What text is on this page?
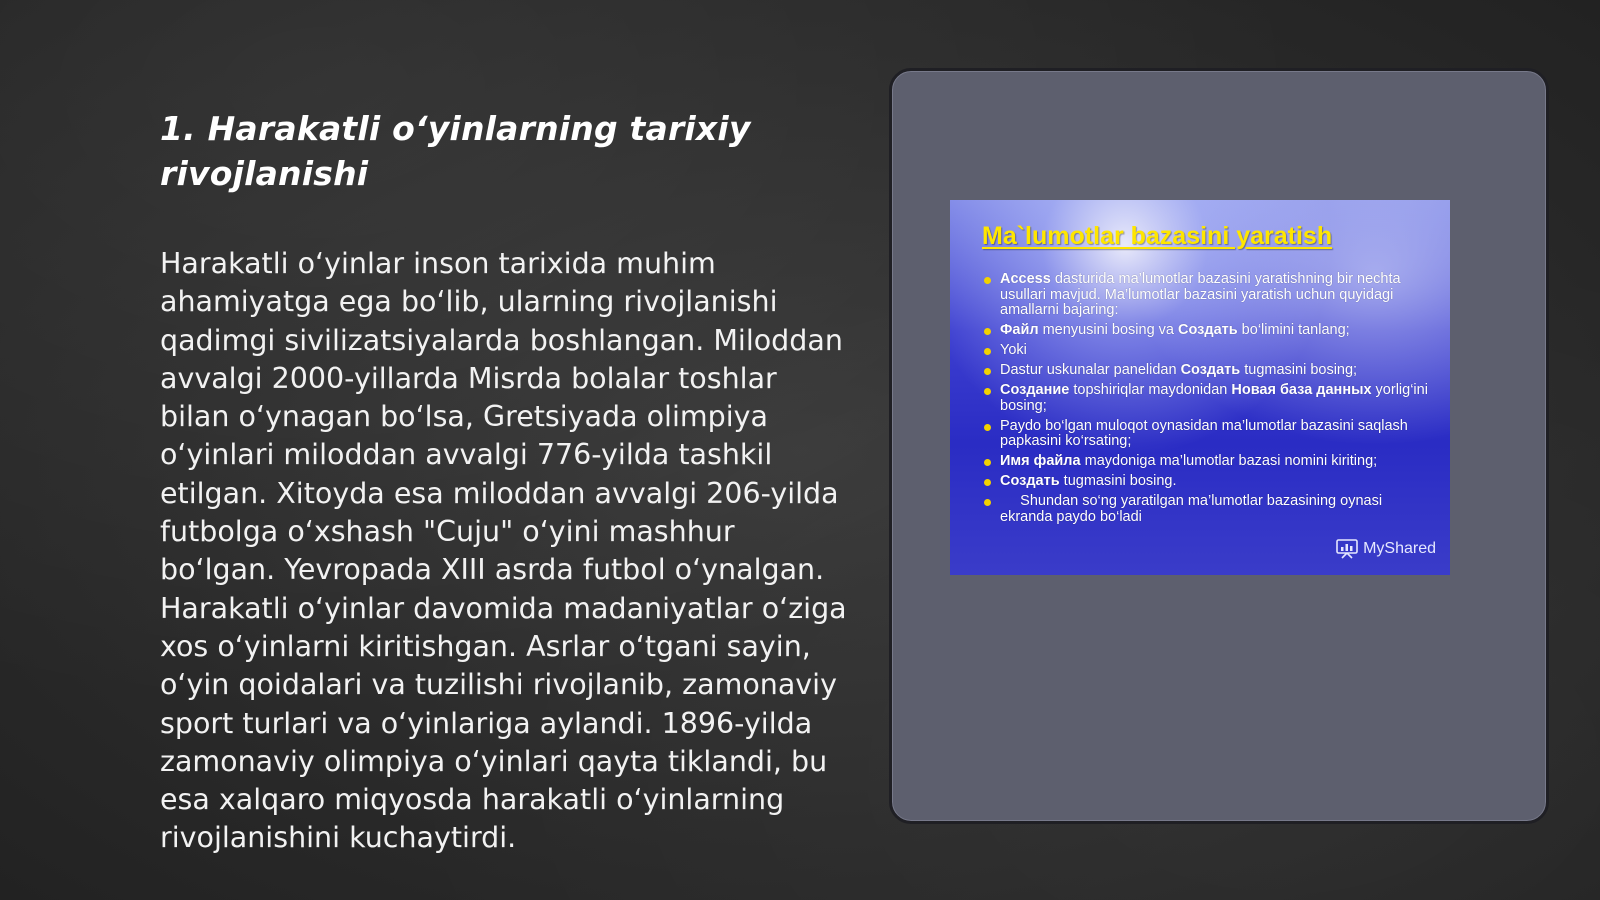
1. Harakatli o‘yinlarning tarixiy rivojlanishi

Harakatli o‘yinlar inson tarixida muhim ahamiyatga ega bo‘lib, ularning rivojlanishi qadimgi sivilizatsiyalarda boshlangan. Miloddan avvalgi 2000-yillarda Misrda bolalar toshlar bilan o‘ynagan bo‘lsa, Gretsiyada olimpiya o‘yinlari miloddan avvalgi 776-yilda tashkil etilgan. Xitoyda esa miloddan avvalgi 206-yilda futbolga o‘xshash "Cuju" o‘yini mashhur bo‘lgan. Yevropada XIII asrda futbol o‘ynalgan. Harakatli o‘yinlar davomida madaniyatlar o‘ziga xos o‘yinlarni kiritishgan. Asrlar o‘tgani sayin, o‘yin qoidalari va tuzilishi rivojlanib, zamonaviy sport turlari va o‘yinlariga aylandi. 1896-yilda zamonaviy olimpiya o‘yinlari qayta tiklandi, bu esa xalqaro miqyosda harakatli o‘yinlarning rivojlanishini kuchaytirdi.

Ma`lumotlar bazasini yaratish
Access dasturida ma’lumotlar bazasini yaratishning bir nechta usullari mavjud. Ma’lumotlar bazasini yaratish uchun quyidagi amallarni bajaring:
Файл menyusini bosing va Создать bo‘limini tanlang;
Yoki
Dastur uskunalar panelidan Создать tugmasini bosing;
Создание topshiriqlar maydonidan Новая база данных yorlig‘ini bosing;
Paydo bo‘lgan muloqot oynasidan ma’lumotlar bazasini saqlash papkasini ko‘rsating;
Имя файла maydoniga ma’lumotlar bazasi nomini kiriting;
Создать tugmasini bosing.
Shundan so‘ng yaratilgan ma’lumotlar bazasining oynasi ekranda paydo bo‘ladi
MyShared
